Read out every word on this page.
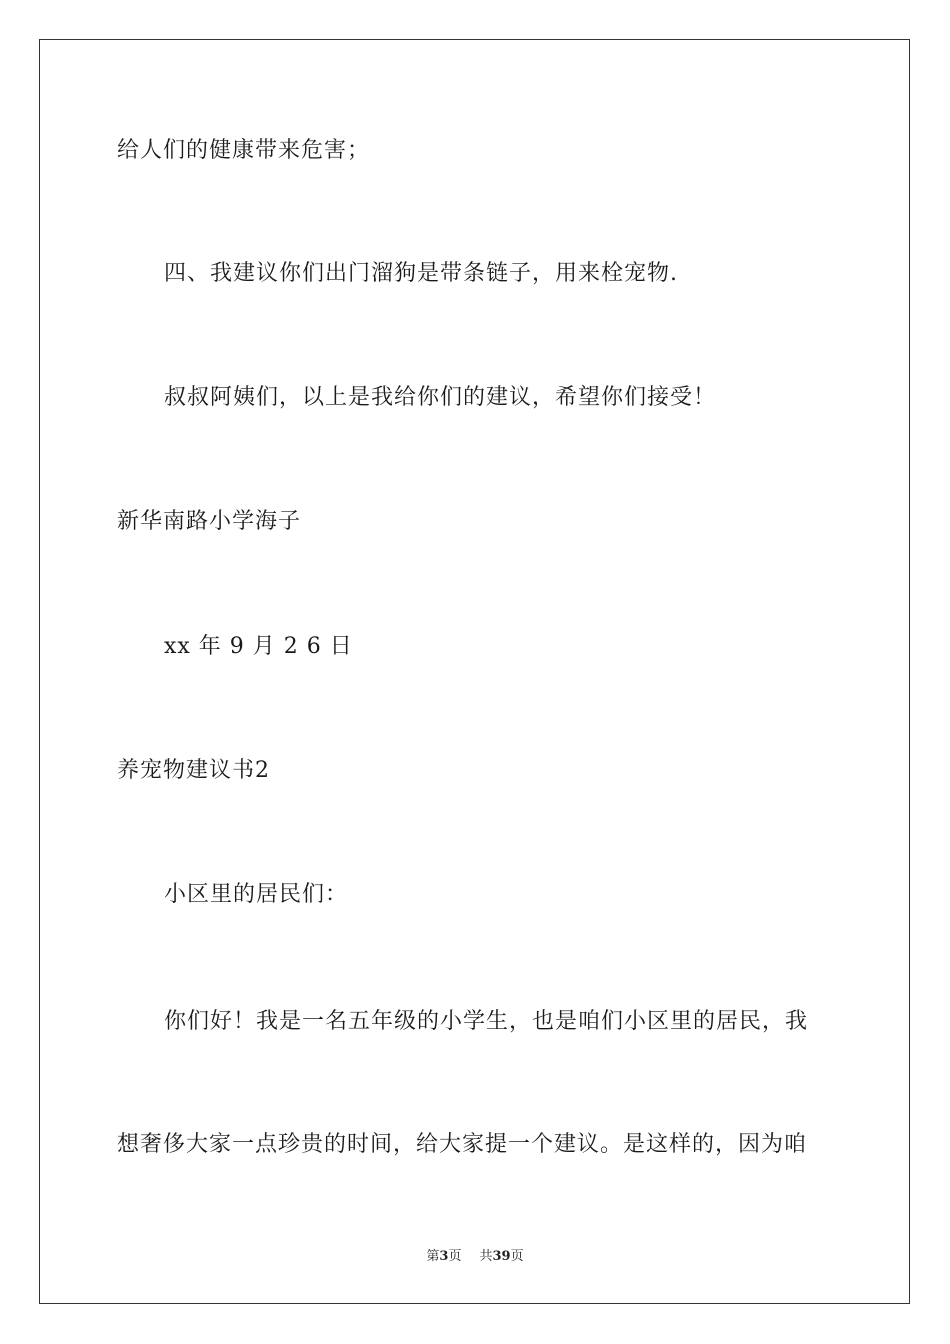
给人们的健康带来危害；
四、我建议你们出门溜狗是带条链子，用来栓宠物.
叔叔阿姨们，以上是我给你们的建议，希望你们接受！
新华南路小学海子
xx 年 9 月 2 6 日
养宠物建议书2
小区里的居民们：
你们好！我是一名五年级的小学生，也是咱们小区里的居民，我
想奢侈大家一点珍贵的时间，给大家提一个建议。是这样的，因为咱
第3页 共39页
